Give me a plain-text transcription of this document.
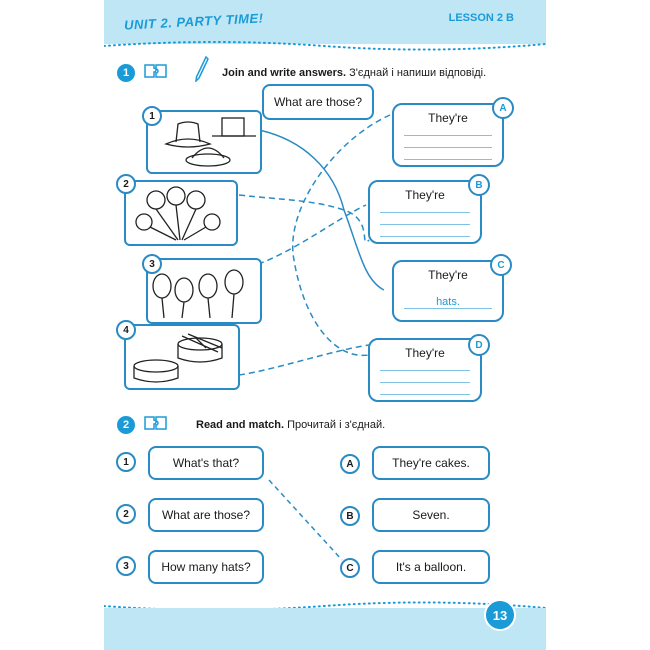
UNIT 2. PARTY TIME!	LESSON 2 B
1	Join and write answers. З'єднай і напиши відповіді.
What are those?
1
2
3
4
They're
A
They're
B
They're
hats.
C
They're
D
2	Read and match. Прочитай і з'єднай.
1	What's that?
2	What are those?
3	How many hats?
A	They're cakes.
B	Seven.
C	It's a balloon.
13
